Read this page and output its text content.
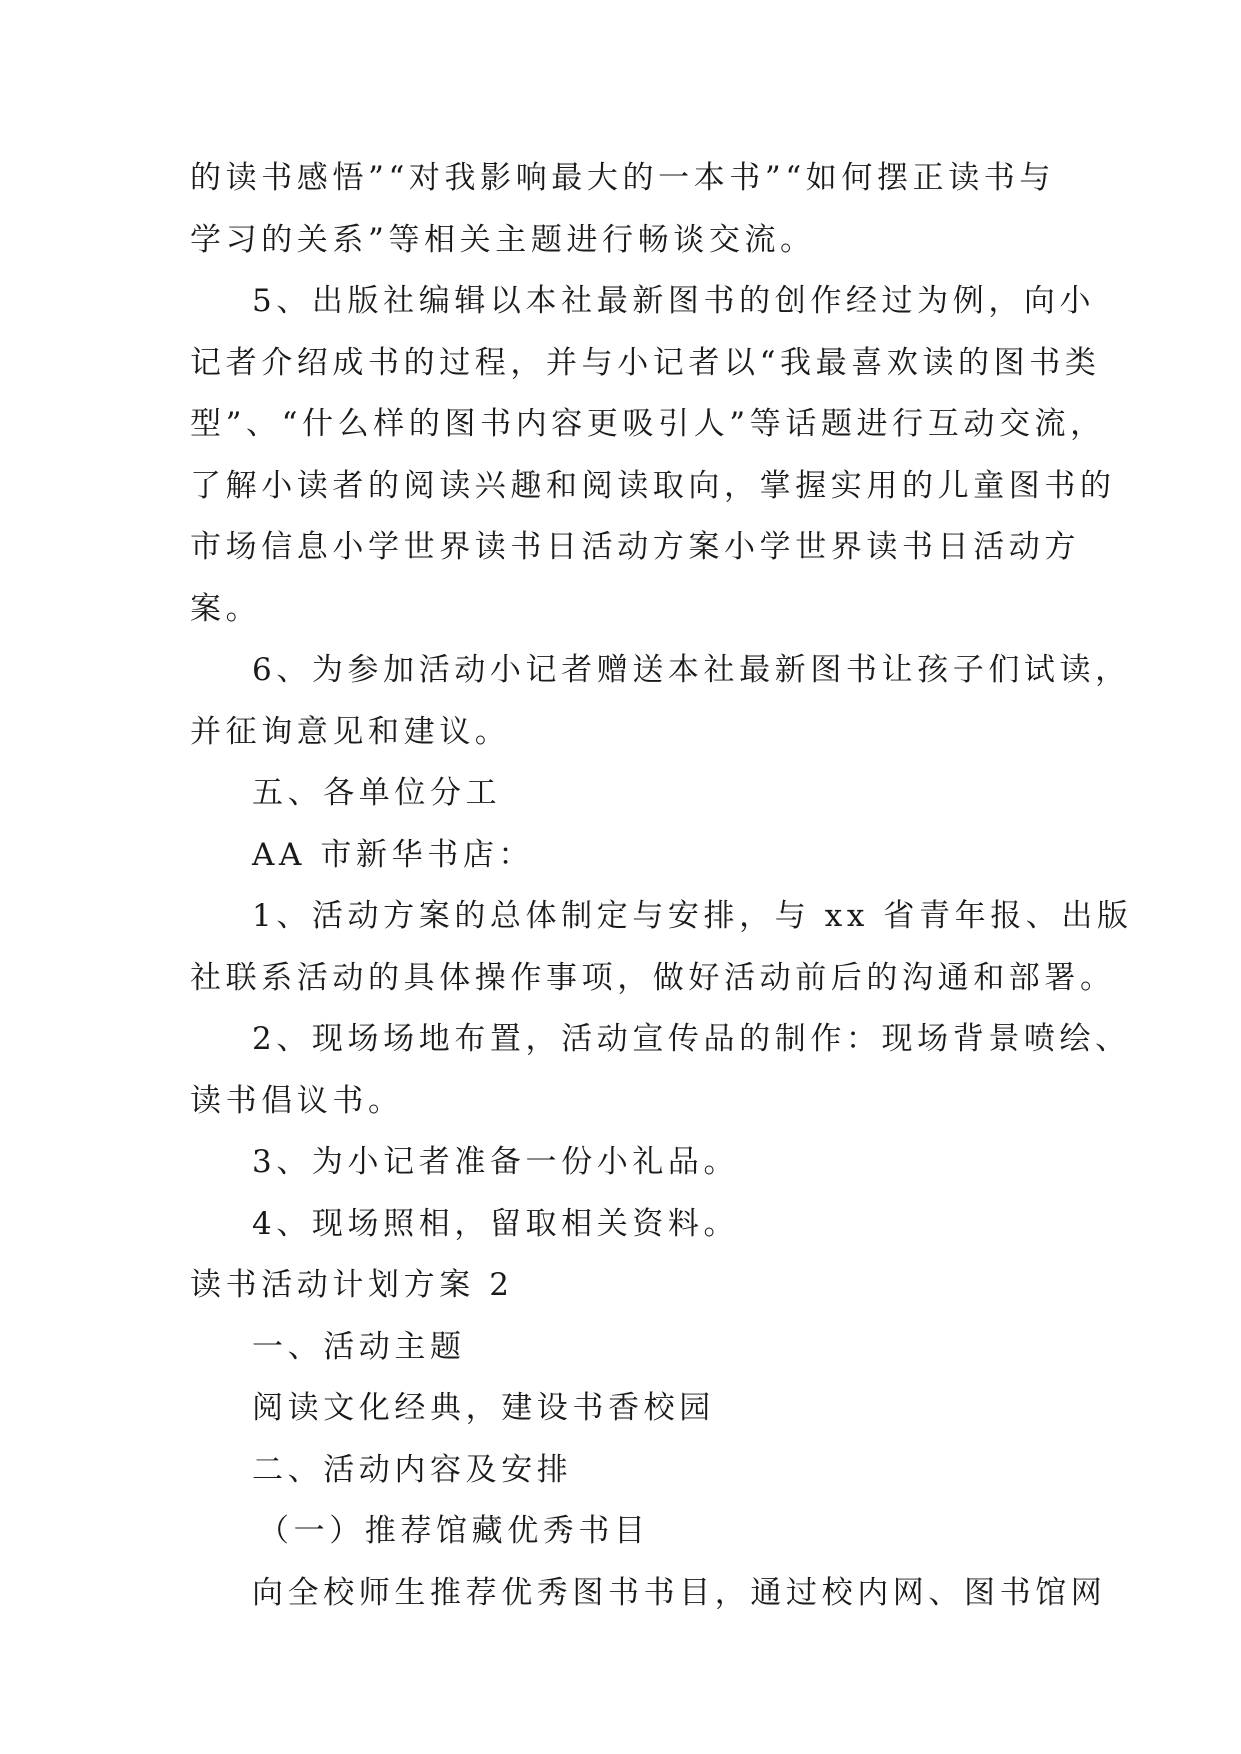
的读书感悟”“对我影响最大的一本书”“如何摆正读书与
学习的关系”等相关主题进行畅谈交流。
5、出版社编辑以本社最新图书的创作经过为例，向小
记者介绍成书的过程，并与小记者以“我最喜欢读的图书类
型”、“什么样的图书内容更吸引人”等话题进行互动交流，
了解小读者的阅读兴趣和阅读取向，掌握实用的儿童图书的
市场信息小学世界读书日活动方案小学世界读书日活动方
案。
6、为参加活动小记者赠送本社最新图书让孩子们试读，
并征询意见和建议。
五、各单位分工
AA 市新华书店：
1、活动方案的总体制定与安排，与 xx 省青年报、出版
社联系活动的具体操作事项，做好活动前后的沟通和部署。
2、现场场地布置，活动宣传品的制作：现场背景喷绘、
读书倡议书。
3、为小记者准备一份小礼品。
4、现场照相，留取相关资料。
读书活动计划方案 2
一、活动主题
阅读文化经典，建设书香校园
二、活动内容及安排
（一）推荐馆藏优秀书目
向全校师生推荐优秀图书书目，通过校内网、图书馆网
